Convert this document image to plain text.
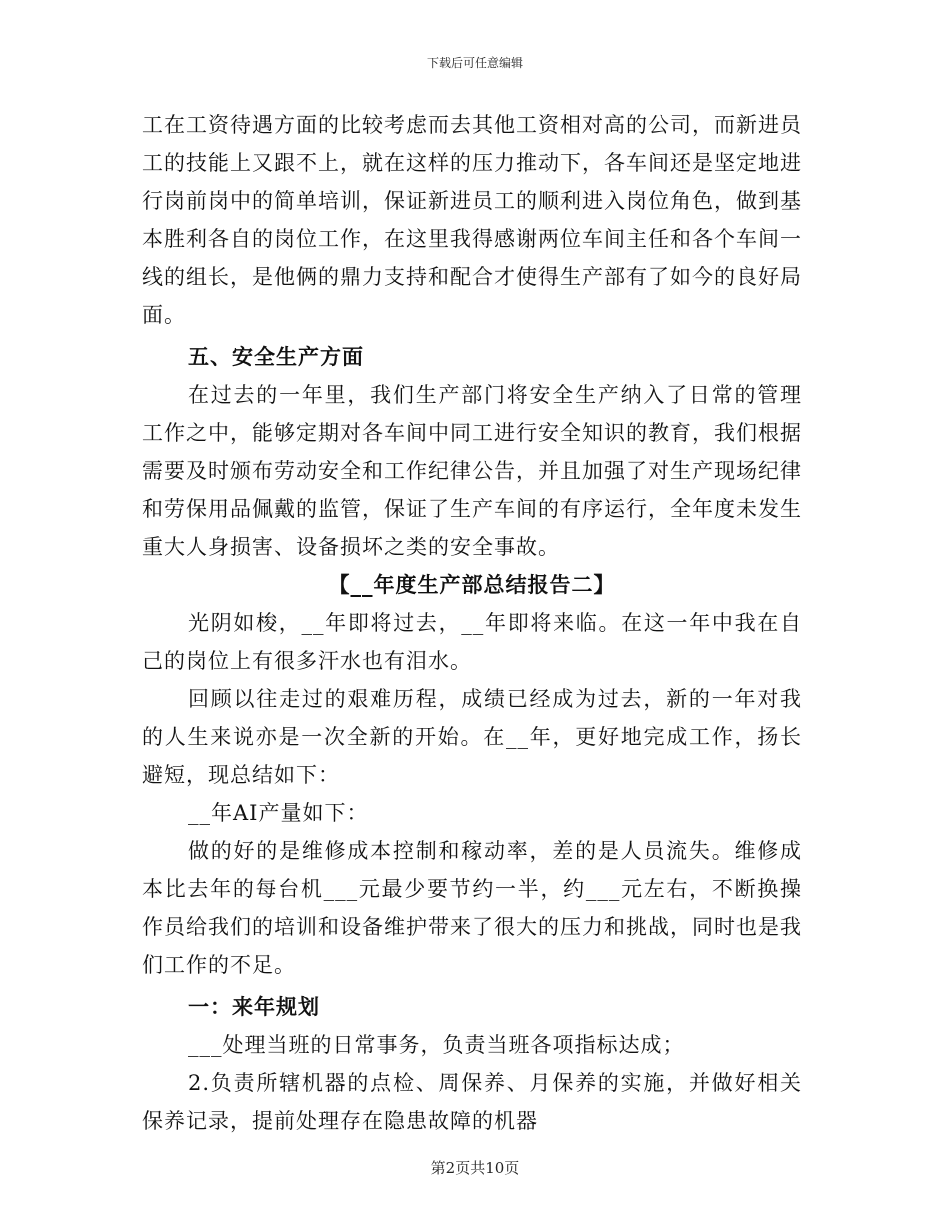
下载后可任意编辑

工在工资待遇方面的比较考虑而去其他工资相对高的公司，而新进员工的技能上又跟不上，就在这样的压力推动下，各车间还是坚定地进行岗前岗中的简单培训，保证新进员工的顺利进入岗位角色，做到基本胜利各自的岗位工作，在这里我得感谢两位车间主任和各个车间一线的组长，是他俩的鼎力支持和配合才使得生产部有了如今的良好局面。

五、安全生产方面

在过去的一年里，我们生产部门将安全生产纳入了日常的管理工作之中，能够定期对各车间中同工进行安全知识的教育，我们根据需要及时颁布劳动安全和工作纪律公告，并且加强了对生产现场纪律和劳保用品佩戴的监管，保证了生产车间的有序运行，全年度未发生重大人身损害、设备损坏之类的安全事故。

【__年度生产部总结报告二】

光阴如梭，__年即将过去，__年即将来临。在这一年中我在自己的岗位上有很多汗水也有泪水。

回顾以往走过的艰难历程，成绩已经成为过去，新的一年对我的人生来说亦是一次全新的开始。在__年，更好地完成工作，扬长避短，现总结如下：

__年AI产量如下：

做的好的是维修成本控制和稼动率，差的是人员流失。维修成本比去年的每台机___元最少要节约一半，约___元左右，不断换操作员给我们的培训和设备维护带来了很大的压力和挑战，同时也是我们工作的不足。

一：来年规划

___处理当班的日常事务，负责当班各项指标达成；

2.负责所辖机器的点检、周保养、月保养的实施，并做好相关保养记录，提前处理存在隐患故障的机器

第2页共10页
